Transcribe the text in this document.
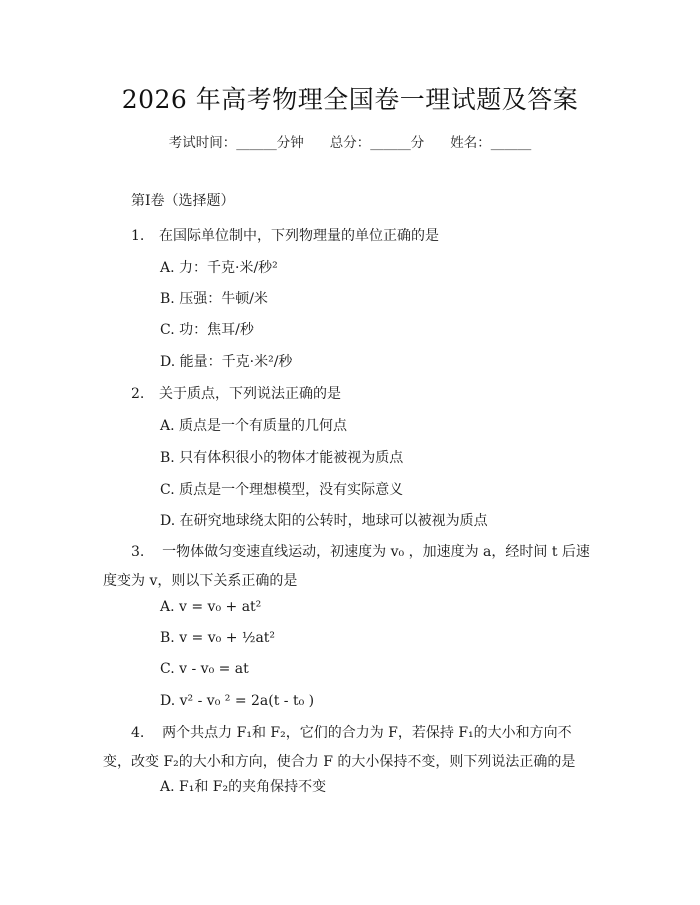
2026 年高考物理全国卷一理试题及答案
考试时间：______分钟 总分：______分 姓名：______
第Ⅰ卷（选择题）
1. 在国际单位制中，下列物理量的单位正确的是
A. 力：千克·米/秒²
B. 压强：牛顿/米
C. 功：焦耳/秒
D. 能量：千克·米²/秒
2. 关于质点，下列说法正确的是
A. 质点是一个有质量的几何点
B. 只有体积很小的物体才能被视为质点
C. 质点是一个理想模型，没有实际意义
D. 在研究地球绕太阳的公转时，地球可以被视为质点
3. 一物体做匀变速直线运动，初速度为 v₀ ，加速度为 a，经时间 t 后速度变为 v，则以下关系正确的是
A. v = v₀ + at²
B. v = v₀ + ½at²
C. v - v₀ = at
D. v² - v₀ ² = 2a(t - t₀ )
4. 两个共点力 F₁和 F₂，它们的合力为 F，若保持 F₁的大小和方向不变，改变 F₂的大小和方向，使合力 F 的大小保持不变，则下列说法正确的是
A. F₁和 F₂的夹角保持不变
